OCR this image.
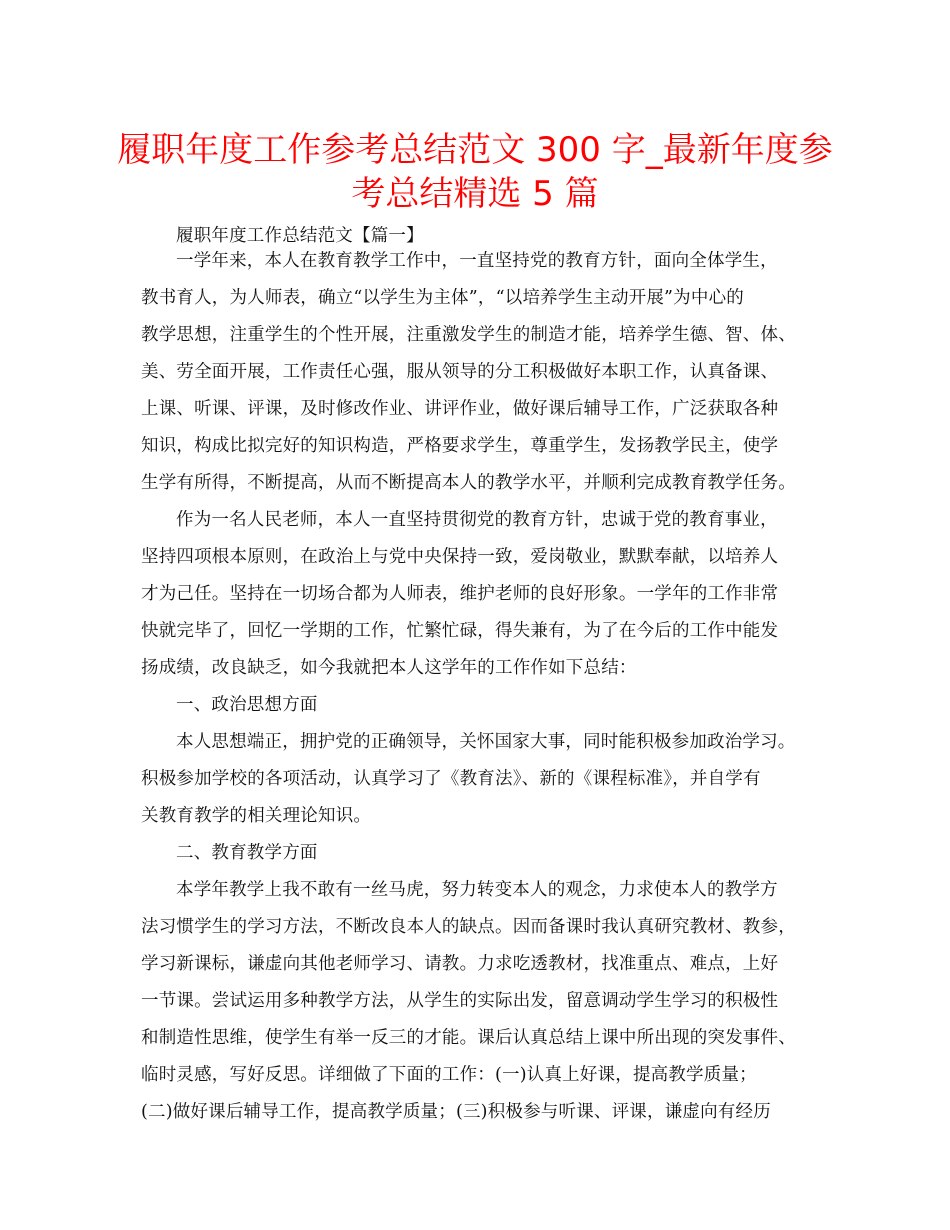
履职年度工作参考总结范文 300 字_最新年度参
考总结精选 5 篇
履职年度工作总结范文【篇一】
一学年来，本人在教育教学工作中，一直坚持党的教育方针，面向全体学生，
教书育人，为人师表，确立“以学生为主体”，“以培养学生主动开展”为中心的
教学思想，注重学生的个性开展，注重激发学生的制造才能，培养学生德、智、体、
美、劳全面开展，工作责任心强，服从领导的分工积极做好本职工作，认真备课、
上课、听课、评课，及时修改作业、讲评作业，做好课后辅导工作，广泛获取各种
知识，构成比拟完好的知识构造，严格要求学生，尊重学生，发扬教学民主，使学
生学有所得，不断提高，从而不断提高本人的教学水平，并顺利完成教育教学任务。
作为一名人民老师，本人一直坚持贯彻党的教育方针，忠诚于党的教育事业，
坚持四项根本原则，在政治上与党中央保持一致，爱岗敬业，默默奉献，以培养人
才为己任。坚持在一切场合都为人师表，维护老师的良好形象。一学年的工作非常
快就完毕了，回忆一学期的工作，忙繁忙碌，得失兼有，为了在今后的工作中能发
扬成绩，改良缺乏，如今我就把本人这学年的工作作如下总结：
一、政治思想方面
本人思想端正，拥护党的正确领导，关怀国家大事，同时能积极参加政治学习。
积极参加学校的各项活动，认真学习了《教育法》、新的《课程标准》，并自学有
关教育教学的相关理论知识。
二、教育教学方面
本学年教学上我不敢有一丝马虎，努力转变本人的观念，力求使本人的教学方
法习惯学生的学习方法，不断改良本人的缺点。因而备课时我认真研究教材、教参，
学习新课标，谦虚向其他老师学习、请教。力求吃透教材，找准重点、难点，上好
一节课。尝试运用多种教学方法，从学生的实际出发，留意调动学生学习的积极性
和制造性思维，使学生有举一反三的才能。课后认真总结上课中所出现的突发事件、
临时灵感，写好反思。详细做了下面的工作：(一)认真上好课，提高教学质量；
(二)做好课后辅导工作，提高教学质量；(三)积极参与听课、评课，谦虚向有经历
